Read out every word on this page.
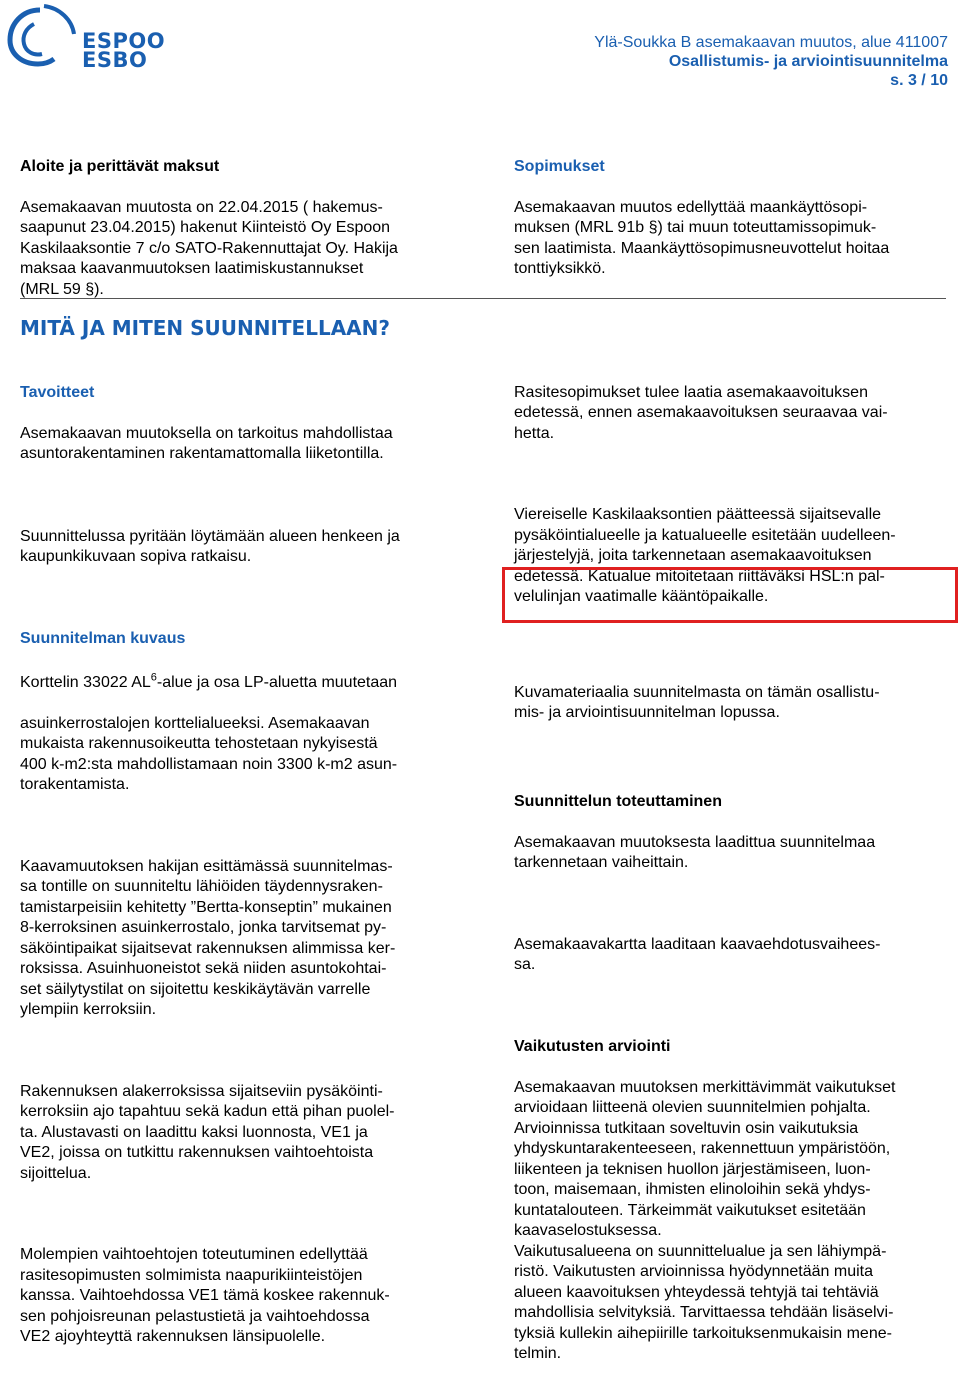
ESPOO
ESBO
Ylä-Soukka B asemakaavan muutos, alue 411007
Osallistumis- ja arviointisuunnitelma
s. 3 / 10

Aloite ja perittävät maksut

Asemakaavan muutosta on 22.04.2015 ( hakemus-
saapunut 23.04.2015) hakenut Kiinteistö Oy Espoon
Kaskilaaksontie 7 c/o SATO-Rakennuttajat Oy. Hakija
maksaa kaavanmuutoksen laatimiskustannukset
(MRL 59 §).

Sopimukset

Asemakaavan muutos edellyttää maankäyttösopi-
muksen (MRL 91b §) tai muun toteuttamissopimuk-
sen laatimista. Maankäyttösopimusneuvottelut hoitaa
tonttiyksikkö.

MITÄ JA MITEN SUUNNITELLAAN?

Tavoitteet

Asemakaavan muutoksella on tarkoitus mahdollistaa
asuntorakentaminen rakentamattomalla liiketontilla.

Suunnittelussa pyritään löytämään alueen henkeen ja
kaupunkikuvaan sopiva ratkaisu.

Suunnitelman kuvaus

Korttelin 33022 $AL^6$-alue ja osa LP-aluetta muutetaan

asuinkerrostalojen korttelialueeksi. Asemakaavan
mukaista rakennusoikeutta tehostetaan nykyisestä
400 k-m2:sta mahdollistamaan noin 3300 k-m2 asun-
torakentamista.

Kaavamuutoksen hakijan esittämässä suunnitelmas-
sa tontille on suunniteltu lähiöiden täydennysraken-
tamistarpeisiin kehitetty ”Bertta-konseptin” mukainen
8-kerroksinen asuinkerrostalo, jonka tarvitsemat py-
säköintipaikat sijaitsevat rakennuksen alimmissa ker-
roksissa. Asuinhuoneistot sekä niiden asuntokohtai-
set säilytystilat on sijoitettu keskikäytävän varrelle
ylempiin kerroksiin.

Rakennuksen alakerroksissa sijaitseviin pysäköinti-
kerroksiin ajo tapahtuu sekä kadun että pihan puolel-
ta. Alustavasti on laadittu kaksi luonnosta, VE1 ja
VE2, joissa on tutkittu rakennuksen vaihtoehtoista
sijoittelua.

Molempien vaihtoehtojen toteutuminen edellyttää
rasitesopimusten solmimista naapurikiinteistöjen
kanssa. Vaihtoehdossa VE1 tämä koskee rakennuk-
sen pohjoisreunan pelastustietä ja vaihtoehdossa
VE2 ajoyhteyttä rakennuksen länsipuolelle.

Rasitesopimukset tulee laatia asemakaavoituksen
edetessä, ennen asemakaavoituksen seuraavaa vai-
hetta.

Viereiselle Kaskilaaksontien päätteessä sijaitsevalle
pysäköintialueelle ja katualueelle esitetään uudelleen-
järjestelyjä, joita tarkennetaan asemakaavoituksen
edetessä. Katualue mitoitetaan riittäväksi HSL:n pal-
velulinjan vaatimalle kääntöpaikalle.

Kuvamateriaalia suunnitelmasta on tämän osallistu-
mis- ja arviointisuunnitelman lopussa.

Suunnittelun toteuttaminen

Asemakaavan muutoksesta laadittua suunnitelmaa
tarkennetaan vaiheittain.

Asemakaavakartta laaditaan kaavaehdotusvaihees-
sa.

Vaikutusten arviointi

Asemakaavan muutoksen merkittävimmät vaikutukset
arvioidaan liitteenä olevien suunnitelmien pohjalta.
Arvioinnissa tutkitaan soveltuvin osin vaikutuksia
yhdyskuntarakenteeseen, rakennettuun ympäristöön,
liikenteen ja teknisen huollon järjestämiseen, luon-
toon, maisemaan, ihmisten elinoloihin sekä yhdys-
kuntatalouteen. Tärkeimmät vaikutukset esitetään
kaavaselostuksessa.
Vaikutusalueena on suunnittelualue ja sen lähiympä-
ristö. Vaikutusten arvioinnissa hyödynnetään muita
alueen kaavoituksen yhteydessä tehtyjä tai tehtäviä
mahdollisia selvityksiä. Tarvittaessa tehdään lisäselvi-
tyksiä kullekin aihepiirille tarkoituksenmukaisin mene-
telmin.
